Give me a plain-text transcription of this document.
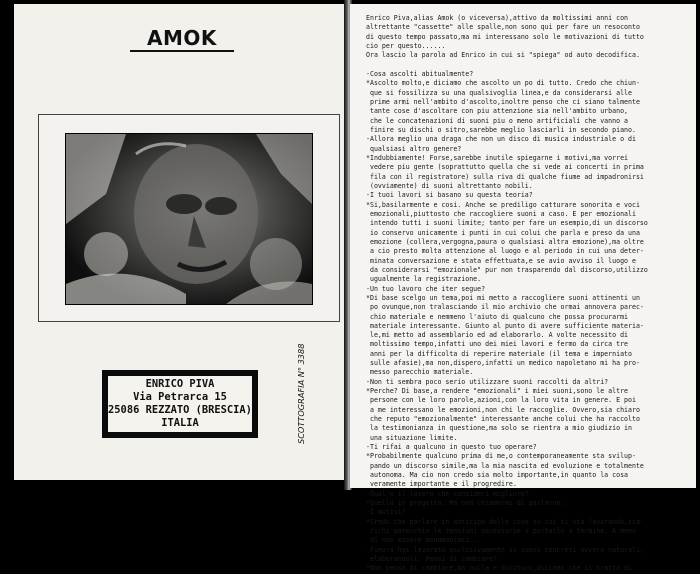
AMOK
ENRICO PIVA
Via Petrarca 15
25086 REZZATO (BRESCIA)
ITALIA	SCOTTOGRAFIA N° 3388
Enrico Piva,alias Amok (o viceversa),attivo da moltissimi anni con
altrettante "cassette" alle spalle,non sono qui per fare un resoconto
di questo tempo passato,ma mi interessano solo le motivazioni di tutto
cio per questo......
Ora lascio la parola ad Enrico in cui si "spiega" od auto decodifica.
-Cosa ascolti abitualmente?
*Ascolto molto,e diciamo che ascolto un po di tutto. Credo che chiun-
que si fossilizza su una qualsivoglia linea,e da considerarsi alle
prime armi nell'ambito d'ascolto,inoltre penso che ci siano talmente
tante cose d'ascoltare con piu attenzione sia nell'ambito urbano,
che le concatenazioni di suoni piu o meno artificiali che vanno a
finire su dischi o sitro,sarebbe meglio lasciarli in secondo piano.
-Allora meglio una draga che non un disco di musica industriale o di
qualsiasi altro genere?
*Indubbiamente! Forse,sarebbe inutile spiegarne i motivi,ma vorrei
vedere piu gente (soprattutto quella che si vede ai concerti in prima
fila con il registratore) sulla riva di qualche fiume ad impadronirsi
(ovviamente) di suoni altrettanto nobili.
-I tuoi lavori si basano su questa teoria?
*Si,basilarmente e cosi. Anche se prediligo catturare sonorita e voci
emozionali,piuttosto che raccogliere suoni a caso. E per emozionali
intendo tutti i suoni limite; tanto per fare un esempio,di un discorso
io conservo unicamente i punti in cui colui che parla e preso da una
emozione (collera,vergogna,paura o qualsiasi altra emozione),ma oltre
a cio presto molta attenzione al luogo e al periodo in cui una deter-
minata conversazione e stata effettuata,e se avio avviso il luogo e
da considerarsi "emozionale" pur non trasparendo dal discorso,utilizzo
ugualmente la registrazione.
-Un tuo lavoro che iter segue?
*Di base scelgo un tema,poi mi metto a raccogliere suoni attinenti un
po ovunque,non tralasciando il mio archivio che ormai annovera parec-
chio materiale e nemmeno l'aiuto di qualcuno che possa procurarmi
materiale interessante. Giunto al punto di avere sufficiente materia-
le,mi metto ad assemblario ed ad elaborarlo. A volte necessito di
moltissimo tempo,infatti uno dei miei lavori e fermo da circa tre
anni per la difficolta di reperire materiale (il tema e imperniato
sulle afasie),ma non,dispero,infatti un medico napoletano mi ha pro-
messo parecchio materiale.
-Non ti sembra poco serio utilizzare suoni raccolti da altri?
*Perche? Di base,a rendere "emozionali" i miei suoni,sono le altre
persone con le loro parole,azioni,con la loro vita in genere. E poi
a me interessano le emozioni,non chi le raccoglie. Ovvero,sia chiaro
che reputo "emozionalmente" interessante anche colui che ha raccolto
la testimonianza in questione,ma solo se rientra a mio giudizio in
una situazione limite.
-Ti rifai a qualcuno in questo tuo operare?
*Probabilmente qualcuno prima di me,o contemporaneamente sta svilup-
pando un discorso simile,ma la mia nascita ed evoluzione e totalmente
autonoma. Ma cio non credo sia molto importante,in quanto la cosa
veramente importante e il progredire.
-Qual'e il lavoro che consideri migliore?
*Quello in progetto. Ma non chiedermi di parlarne.
-I motivi?
*Credo che parlare in anticipo delle cose su cui si sta lavorando,sca-
richi parecchio le tensioni necessarie a portarlo a termine. A meno
di non essere monomaniaci...
-Finora hai lavorato esclusivamente su suoni concreti ovvero naturali,
elaborandoli. Pensi di cambiare?
*Non penso di cambiare,ma nulla e duraturo,diciamo che si tratta di
